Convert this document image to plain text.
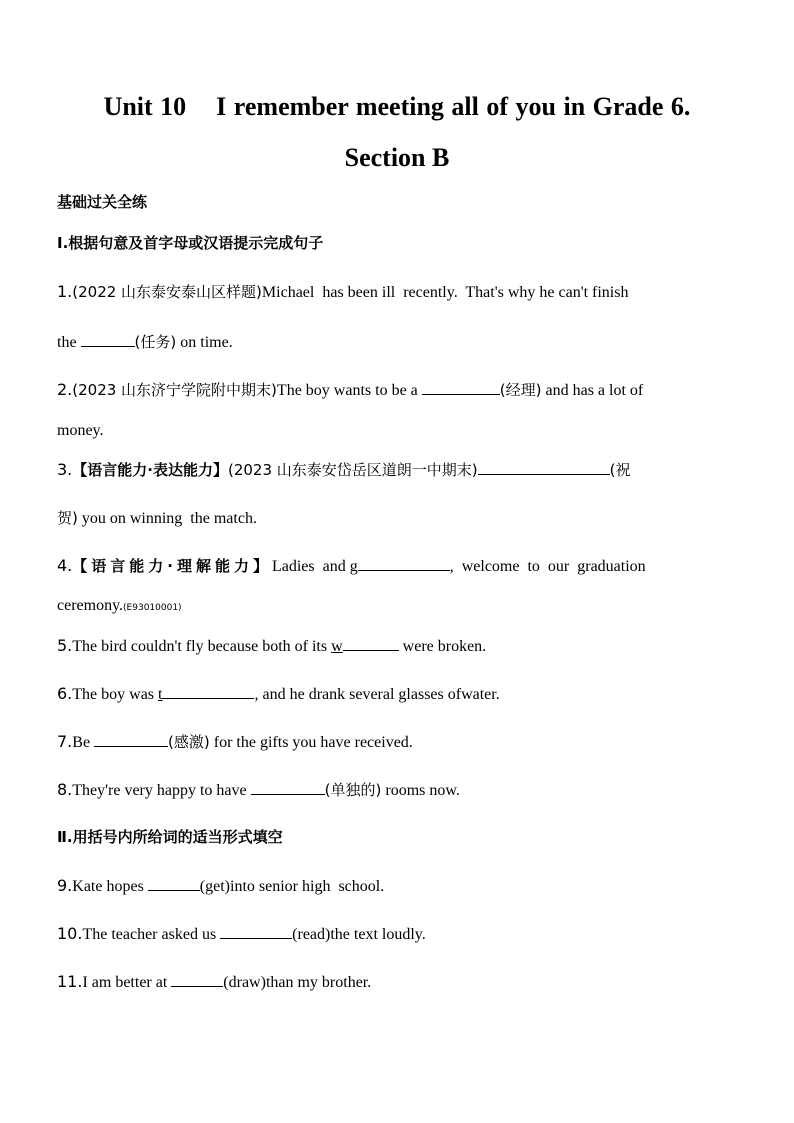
Unit 10    I remember meeting all of you in Grade 6.
Section B
基础过关全练
Ⅰ.根据句意及首字母或汉语提示完成句子
1.(2022 山东泰安泰山区样题)Michael  has been ill  recently.  That's why he can't finish
the	(任务) on time.
2.(2023 山东济宁学院附中期末)The boy wants to be a	(经理) and has a lot of
money.
3.【语言能力·表达能力】(2023 山东泰安岱岳区道朗一中期末)	(祝
贺) you on winning  the match.
4.【语言能力·理解能力】Ladies  and g	,  welcome  to  our  graduation
ceremony.(E93010001)
5.The bird couldn't fly because both of its w	were broken.
6.The boy was t	, and he drank several glasses ofwater.
7.Be	(感激) for the gifts you have received.
8.They're very happy to have	(单独的) rooms now.
Ⅱ.用括号内所给词的适当形式填空
9.Kate hopes	(get)into senior high  school.
10.The teacher asked us	(read)the text loudly.
11.I am better at	(draw)than my brother.
